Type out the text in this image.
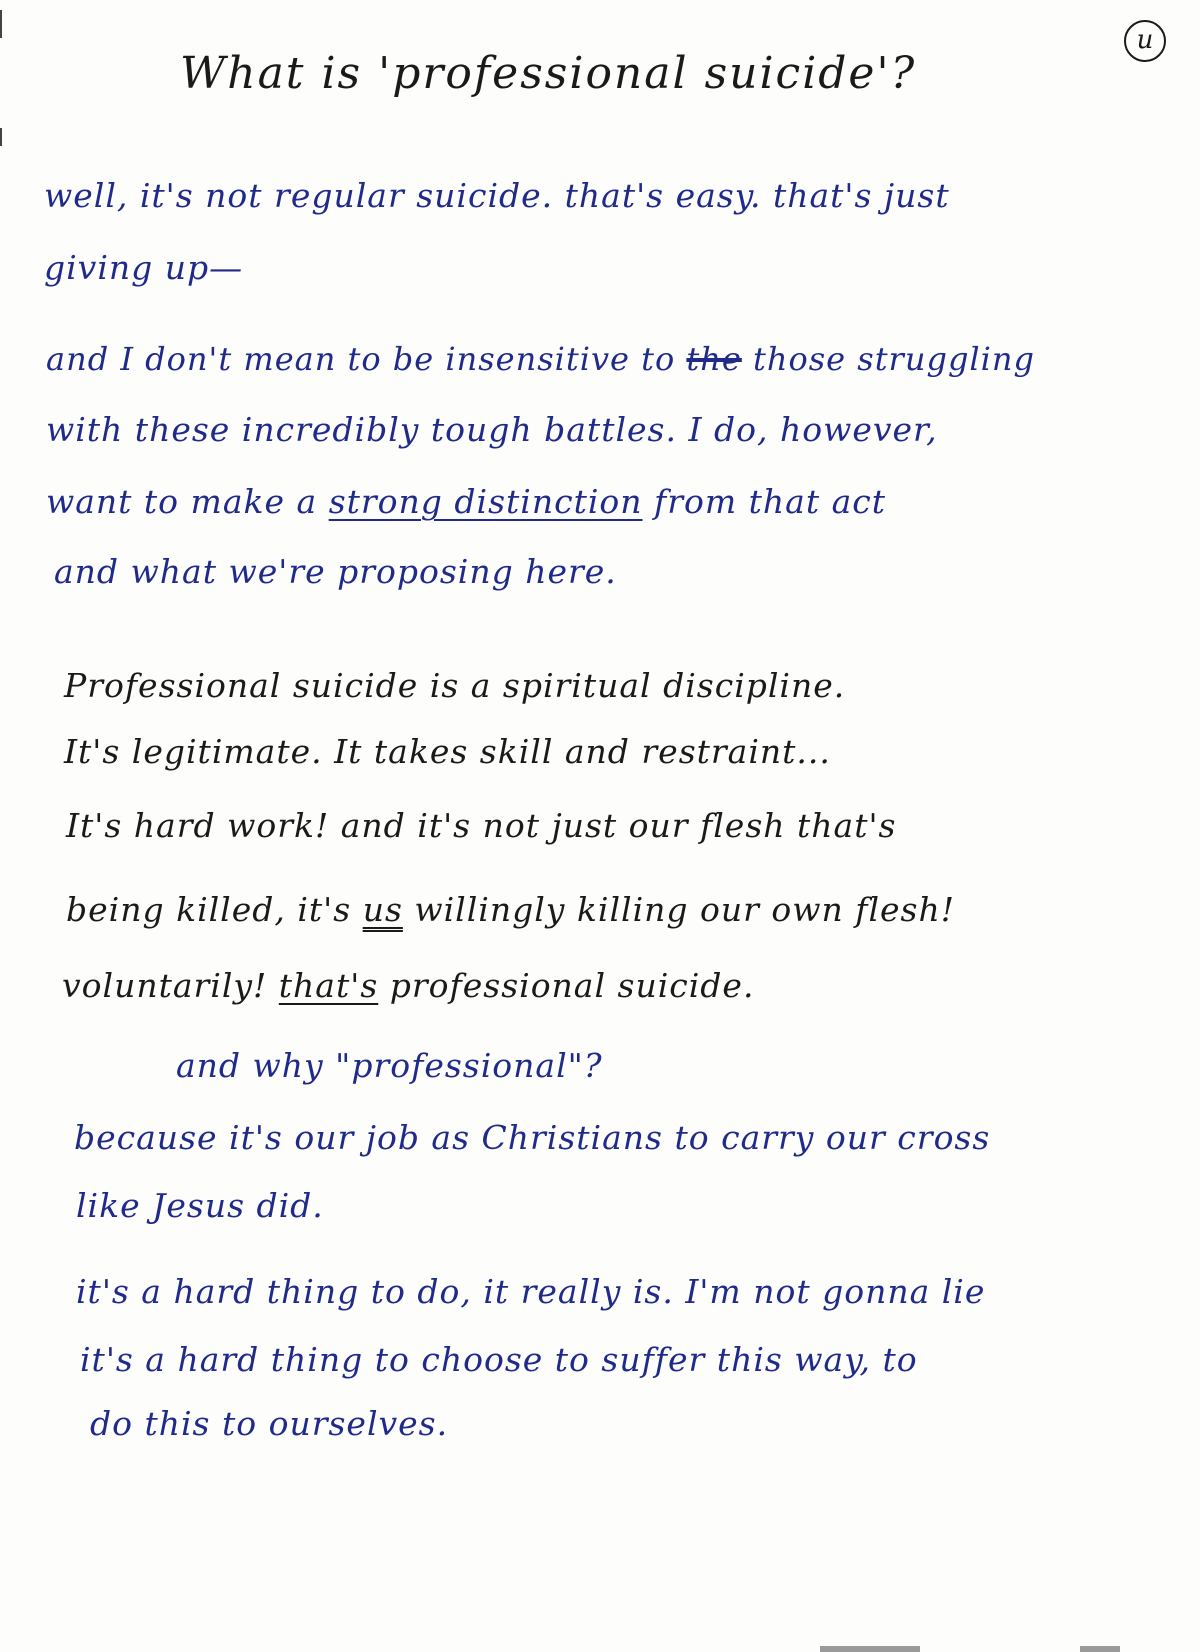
u
What is 'professional suicide'?
well, it's not regular suicide. that's easy. that's just
giving up—
and I don't mean to be insensitive to the those struggling
with these incredibly tough battles. I do, however,
want to make a strong distinction from that act
and what we're proposing here.
Professional suicide is a spiritual discipline.
It's legitimate. It takes skill and restraint...
It's hard work! and it's not just our flesh that's
being killed, it's us willingly killing our own flesh!
voluntarily! that's professional suicide.
and why "professional"?
because it's our job as Christians to carry our cross
like Jesus did.
it's a hard thing to do, it really is. I'm not gonna lie
it's a hard thing to choose to suffer this way, to
do this to ourselves.
